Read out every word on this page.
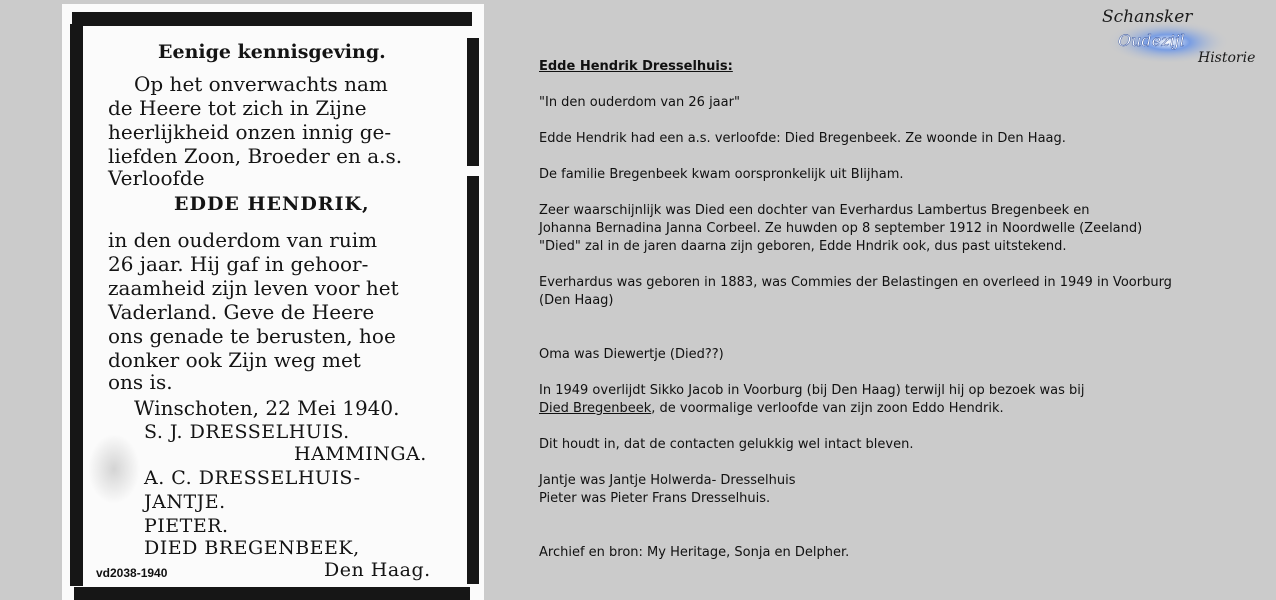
Eenige kennisgeving.

Op het onverwachts nam

de Heere tot zich in Zijne

heerlijkheid onzen innig ge-

liefden Zoon, Broeder en a.s.

Verloofde

EDDE HENDRIK,

in den ouderdom van ruim

26 jaar. Hij gaf in gehoor-

zaamheid zijn leven voor het

Vaderland. Geve de Heere

ons genade te berusten, hoe

donker ook Zijn weg met

ons is.

Winschoten, 22 Mei 1940.

S. J. DRESSELHUIS.

HAMMINGA.

A. C. DRESSELHUIS-

JANTJE.

PIETER.

DIED BREGENBEEK,

Den Haag.

vd2038-1940

Edde Hendrik Dresselhuis:

"In den ouderdom van 26 jaar"

Edde Hendrik had een a.s. verloofde: Died Bregenbeek. Ze woonde in Den Haag.

De familie Bregenbeek kwam oorspronkelijk uit Blijham.

Zeer waarschijnlijk was Died een dochter van Everhardus Lambertus Bregenbeek en
Johanna Bernadina Janna Corbeel. Ze huwden op 8 september 1912 in Noordwelle (Zeeland)
"Died" zal in de jaren daarna zijn geboren, Edde Hndrik ook, dus past uitstekend.

Everhardus was geboren in 1883, was Commies der Belastingen en overleed in 1949 in Voorburg
(Den Haag)

Oma was Diewertje (Died??)

In 1949 overlijdt Sikko Jacob in Voorburg (bij Den Haag) terwijl hij op bezoek was bij
Died Bregenbeek, de voormalige verloofde van zijn zoon Eddo Hendrik.

Dit houdt in, dat de contacten gelukkig wel intact bleven.

Jantje was Jantje Holwerda- Dresselhuis
Pieter was Pieter Frans Dresselhuis.

Archief en bron: My Heritage, Sonja en Delpher.

Schansker
Oudezijl
Historie
